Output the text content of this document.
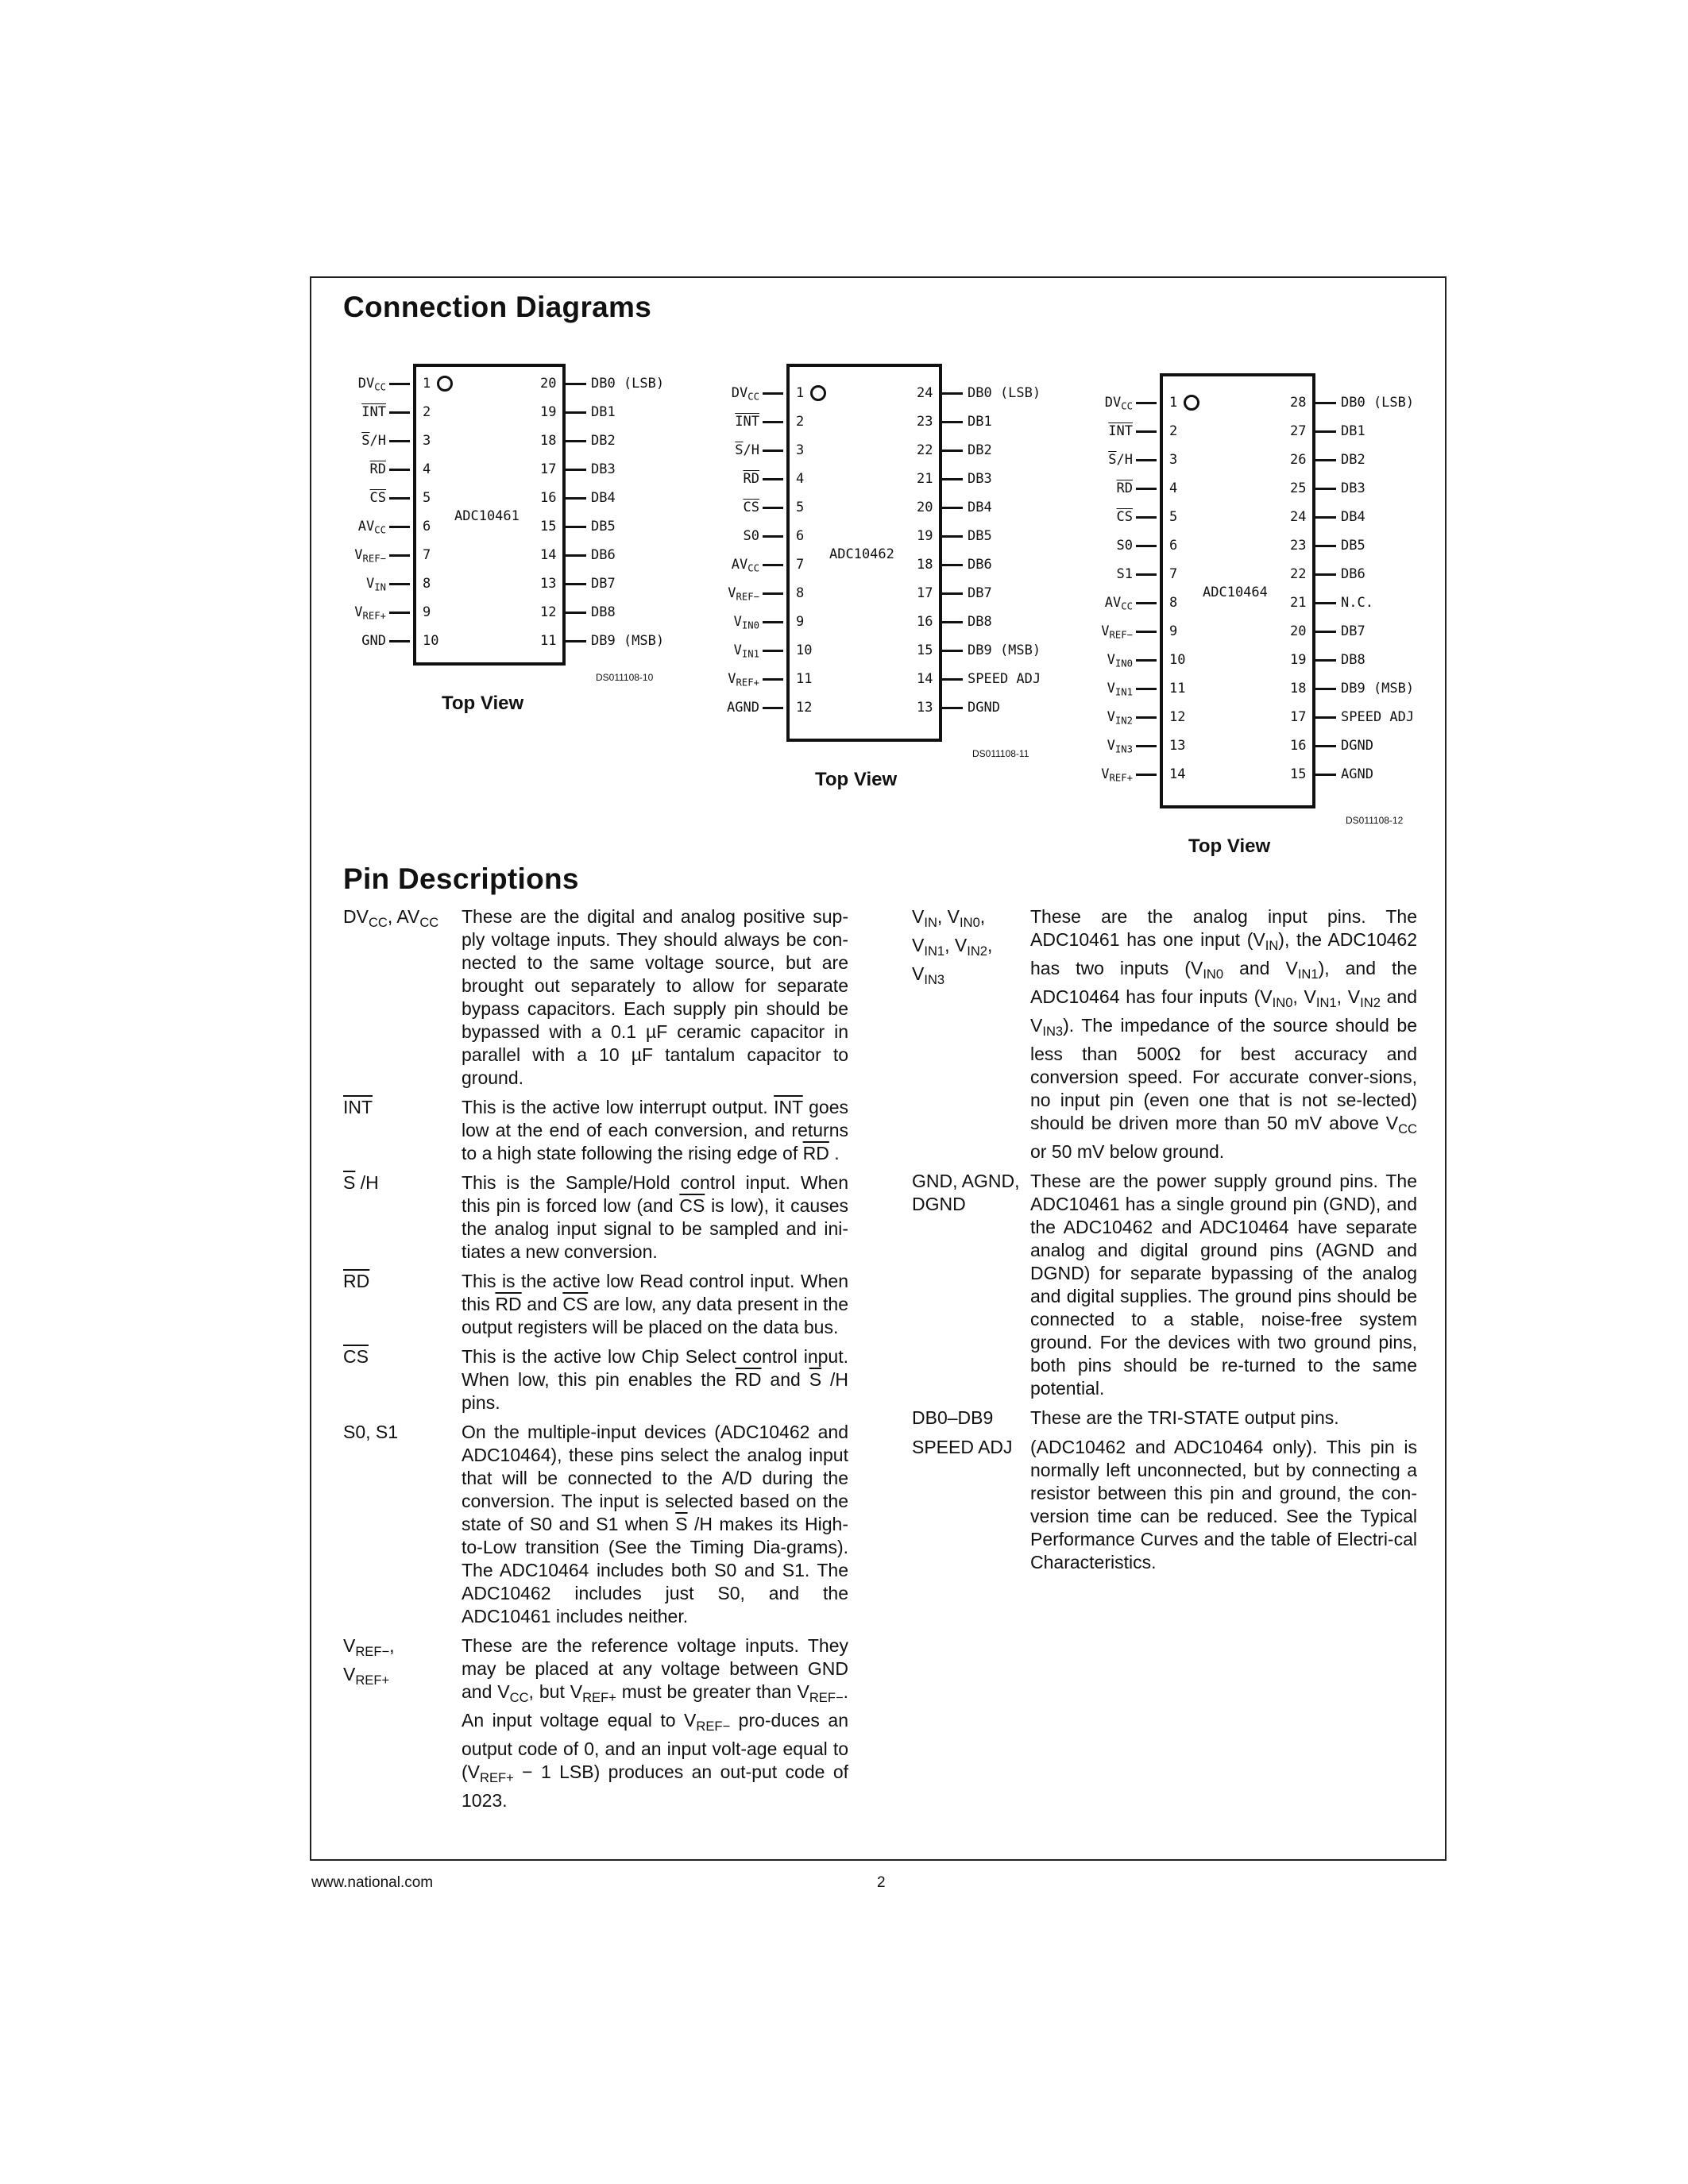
Connection Diagrams
$DV_{CC}$	1	20	DB0 (LSB)
$\overline{INT}$	2	19	DB1
$\overline{S}/H$	3	18	DB2
$\overline{RD}$	4	17	DB3
$\overline{CS}$	5	16	DB4
$AV_{CC}$	6	15	DB5
$V_{REF-}$	7	14	DB6
$V_{IN}$	8	13	DB7
$V_{REF+}$	9	12	DB8
GND	10	11	DB9 (MSB)
ADC10461
DS011108-10
Top View
$DV_{CC}$	1	24	DB0 (LSB)
$\overline{INT}$	2	23	DB1
$\overline{S}/H$	3	22	DB2
$\overline{RD}$	4	21	DB3
$\overline{CS}$	5	20	DB4
S0	6	19	DB5
$AV_{CC}$	7	18	DB6
$V_{REF-}$	8	17	DB7
$V_{IN0}$	9	16	DB8
$V_{IN1}$	10	15	DB9 (MSB)
$V_{REF+}$	11	14	SPEED ADJ
AGND	12	13	DGND
ADC10462
DS011108-11
Top View
$DV_{CC}$	1	28	DB0 (LSB)
$\overline{INT}$	2	27	DB1
$\overline{S}/H$	3	26	DB2
$\overline{RD}$	4	25	DB3
$\overline{CS}$	5	24	DB4
S0	6	23	DB5
S1	7	22	DB6
$AV_{CC}$	8	21	N.C.
$V_{REF-}$	9	20	DB7
$V_{IN0}$	10	19	DB8
$V_{IN1}$	11	18	DB9 (MSB)
$V_{IN2}$	12	17	SPEED ADJ
$V_{IN3}$	13	16	DGND
$V_{REF+}$	14	15	AGND
ADC10464
DS011108-12
Top View
Pin Descriptions
$DV_{CC}$, $AV_{CC}$	These are the digital and analog positive sup-ply voltage inputs. They should always be con-nected to the same voltage source, but are brought out separately to allow for separate bypass capacitors. Each supply pin should be bypassed with a 0.1 µF ceramic capacitor in parallel with a 10 µF tantalum capacitor to ground.
$\overline{INT}$	This is the active low interrupt output. $\overline{INT}$ goes low at the end of each conversion, and returns to a high state following the rising edge of $\overline{RD}$ .
$\overline{S}$ /H	This is the Sample/Hold control input. When this pin is forced low (and $\overline{CS}$ is low), it causes the analog input signal to be sampled and ini-tiates a new conversion.
$\overline{RD}$	This is the active low Read control input. When this $\overline{RD}$ and $\overline{CS}$ are low, any data present in the output registers will be placed on the data bus.
$\overline{CS}$	This is the active low Chip Select control input. When low, this pin enables the $\overline{RD}$ and $\overline{S}$ /H pins.
S0, S1	On the multiple-input devices (ADC10462 and ADC10464), these pins select the analog input that will be connected to the A/D during the conversion. The input is selected based on the state of S0 and S1 when $\overline{S}$ /H makes its High-to-Low transition (See the Timing Dia-grams). The ADC10464 includes both S0 and S1. The ADC10462 includes just S0, and the ADC10461 includes neither.
$V_{REF-}$,
$V_{REF+}$
These are the reference voltage inputs. They may be placed at any voltage between GND and $V_{CC}$, but $V_{REF+}$ must be greater than $V_{REF-}$. An input voltage equal to $V_{REF-}$ pro-duces an output code of 0, and an input volt-age equal to ($V_{REF+} - 1$ LSB) produces an out-put code of 1023.
$V_{IN}$, $V_{IN0}$,
$V_{IN1}$, $V_{IN2}$,
$V_{IN3}$
These are the analog input pins. The ADC10461 has one input $(V_{IN})$, the ADC10462 has two inputs ($V_{IN0}$ and $V_{IN1}$), and the ADC10464 has four inputs ($V_{IN0}$, $V_{IN1}$, $V_{IN2}$ and $V_{IN3}$). The impedance of the source should be less than 500Ω for best accuracy and conversion speed. For accurate conver-sions, no input pin (even one that is not se-lected) should be driven more than 50 mV above $V_{CC}$ or 50 mV below ground.
GND, AGND,
DGND
These are the power supply ground pins. The ADC10461 has a single ground pin (GND), and the ADC10462 and ADC10464 have separate analog and digital ground pins (AGND and DGND) for separate bypassing of the analog and digital supplies. The ground pins should be connected to a stable, noise-free system ground. For the devices with two ground pins, both pins should be re-turned to the same potential.
DB0–DB9	These are the TRI-STATE output pins.
SPEED ADJ (ADC10462 and ADC10464 only). This pin is normally left unconnected, but by connecting a resistor between this pin and ground, the con-version time can be reduced. See the Typical Performance Curves and the table of Electri-cal Characteristics.
www.national.com	2
